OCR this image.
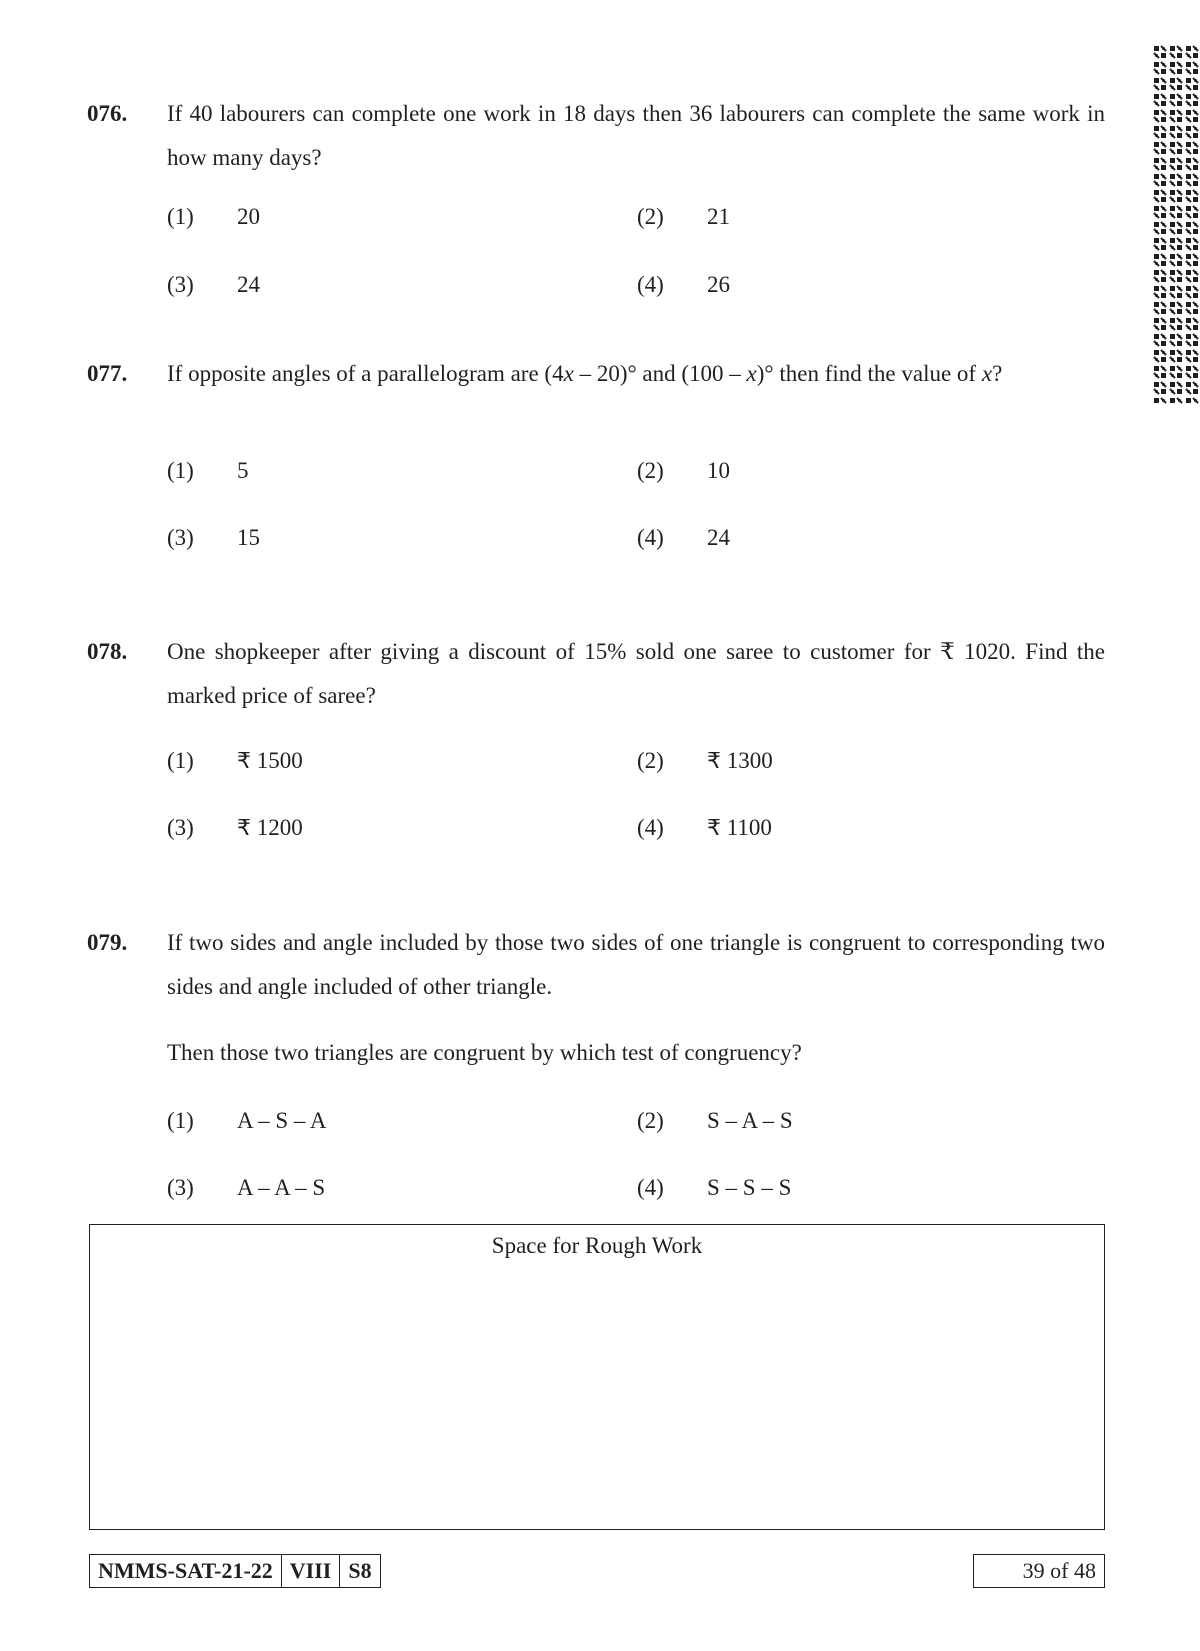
076. If 40 labourers can complete one work in 18 days then 36 labourers can complete the same work in how many days?
(1) 20	(2) 21
(3) 24	(4) 26
077. If opposite angles of a parallelogram are (4x – 20)° and (100 – x)° then find the value of x?
(1) 5	(2) 10
(3) 15	(4) 24
078. One shopkeeper after giving a discount of 15% sold one saree to customer for ₹ 1020. Find the marked price of saree?
(1) ₹ 1500	(2) ₹ 1300
(3) ₹ 1200	(4) ₹ 1100
079. If two sides and angle included by those two sides of one triangle is congruent to corresponding two sides and angle included of other triangle.
Then those two triangles are congruent by which test of congruency?
(1) A – S – A	(2) S – A – S
(3) A – A – S	(4) S – S – S
Space for Rough Work
NMMS-SAT-21-22 VIII S8	39 of 48
